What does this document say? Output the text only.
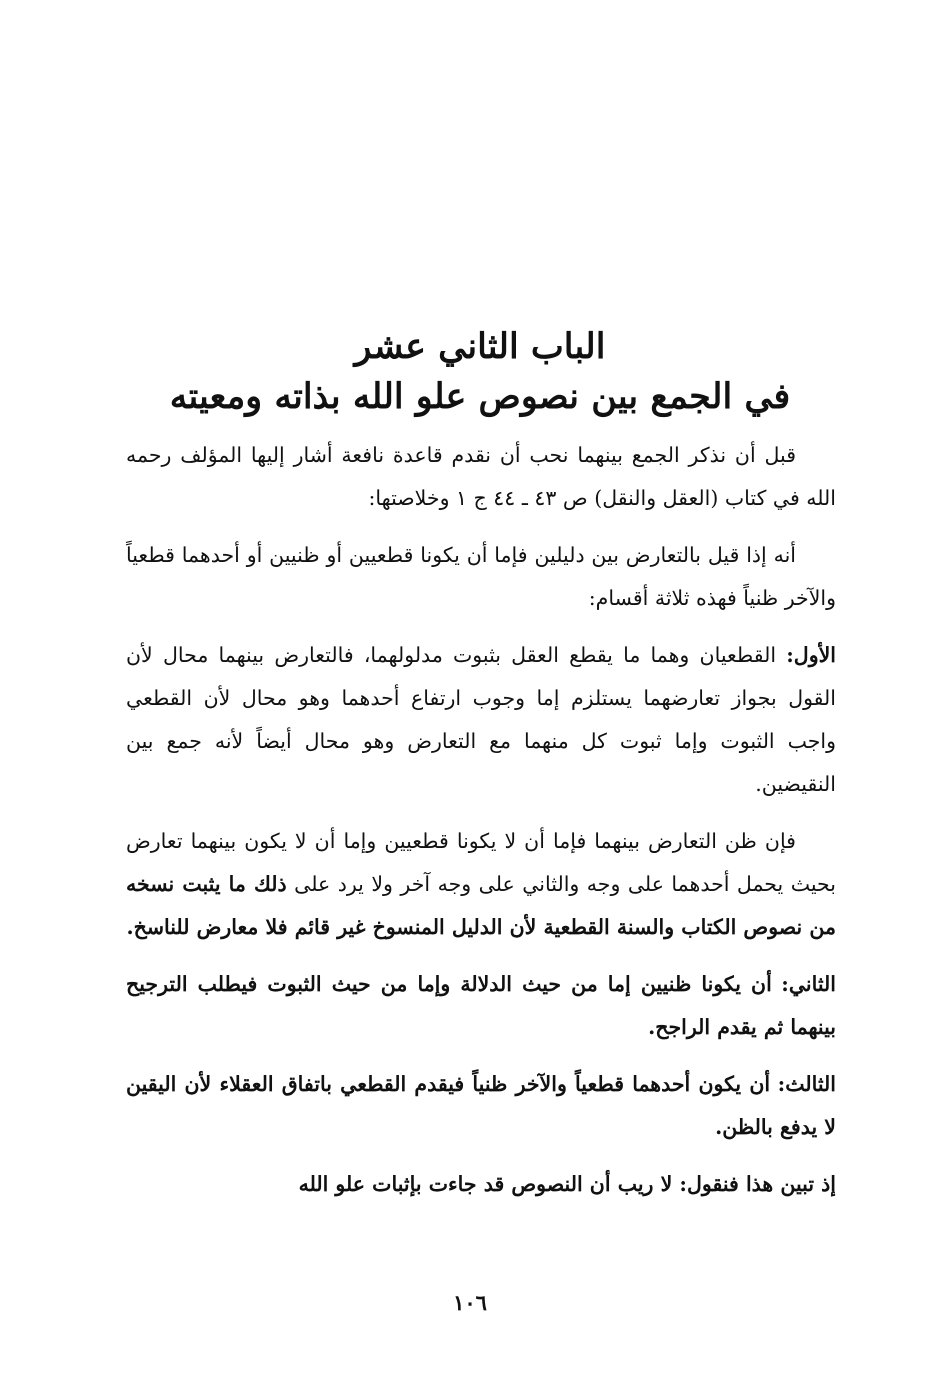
الباب الثاني عشر
في الجمع بين نصوص علو الله بذاته ومعيته

قبل أن نذكر الجمع بينهما نحب أن نقدم قاعدة نافعة أشار إليها المؤلف رحمه الله في كتاب (العقل والنقل) ص ٤٣ ـ ٤٤ ج ١ وخلاصتها:

أنه إذا قيل بالتعارض بين دليلين فإما أن يكونا قطعيين أو ظنيين أو أحدهما قطعياً والآخر ظنياً فهذه ثلاثة أقسام:

الأول: القطعيان وهما ما يقطع العقل بثبوت مدلولهما، فالتعارض بينهما محال لأن القول بجواز تعارضهما يستلزم إما وجوب ارتفاع أحدهما وهو محال لأن القطعي واجب الثبوت وإما ثبوت كل منهما مع التعارض وهو محال أيضاً لأنه جمع بين النقيضين.

فإن ظن التعارض بينهما فإما أن لا يكونا قطعيين وإما أن لا يكون بينهما تعارض بحيث يحمل أحدهما على وجه والثاني على وجه آخر ولا يرد على ذلك ما يثبت نسخه من نصوص الكتاب والسنة القطعية لأن الدليل المنسوخ غير قائم فلا معارض للناسخ.

الثاني: أن يكونا ظنيين إما من حيث الدلالة وإما من حيث الثبوت فيطلب الترجيح بينهما ثم يقدم الراجح.

الثالث: أن يكون أحدهما قطعياً والآخر ظنياً فيقدم القطعي باتفاق العقلاء لأن اليقين لا يدفع بالظن.

إذ تبين هذا فنقول: لا ريب أن النصوص قد جاءت بإثبات علو الله

١٠٦
